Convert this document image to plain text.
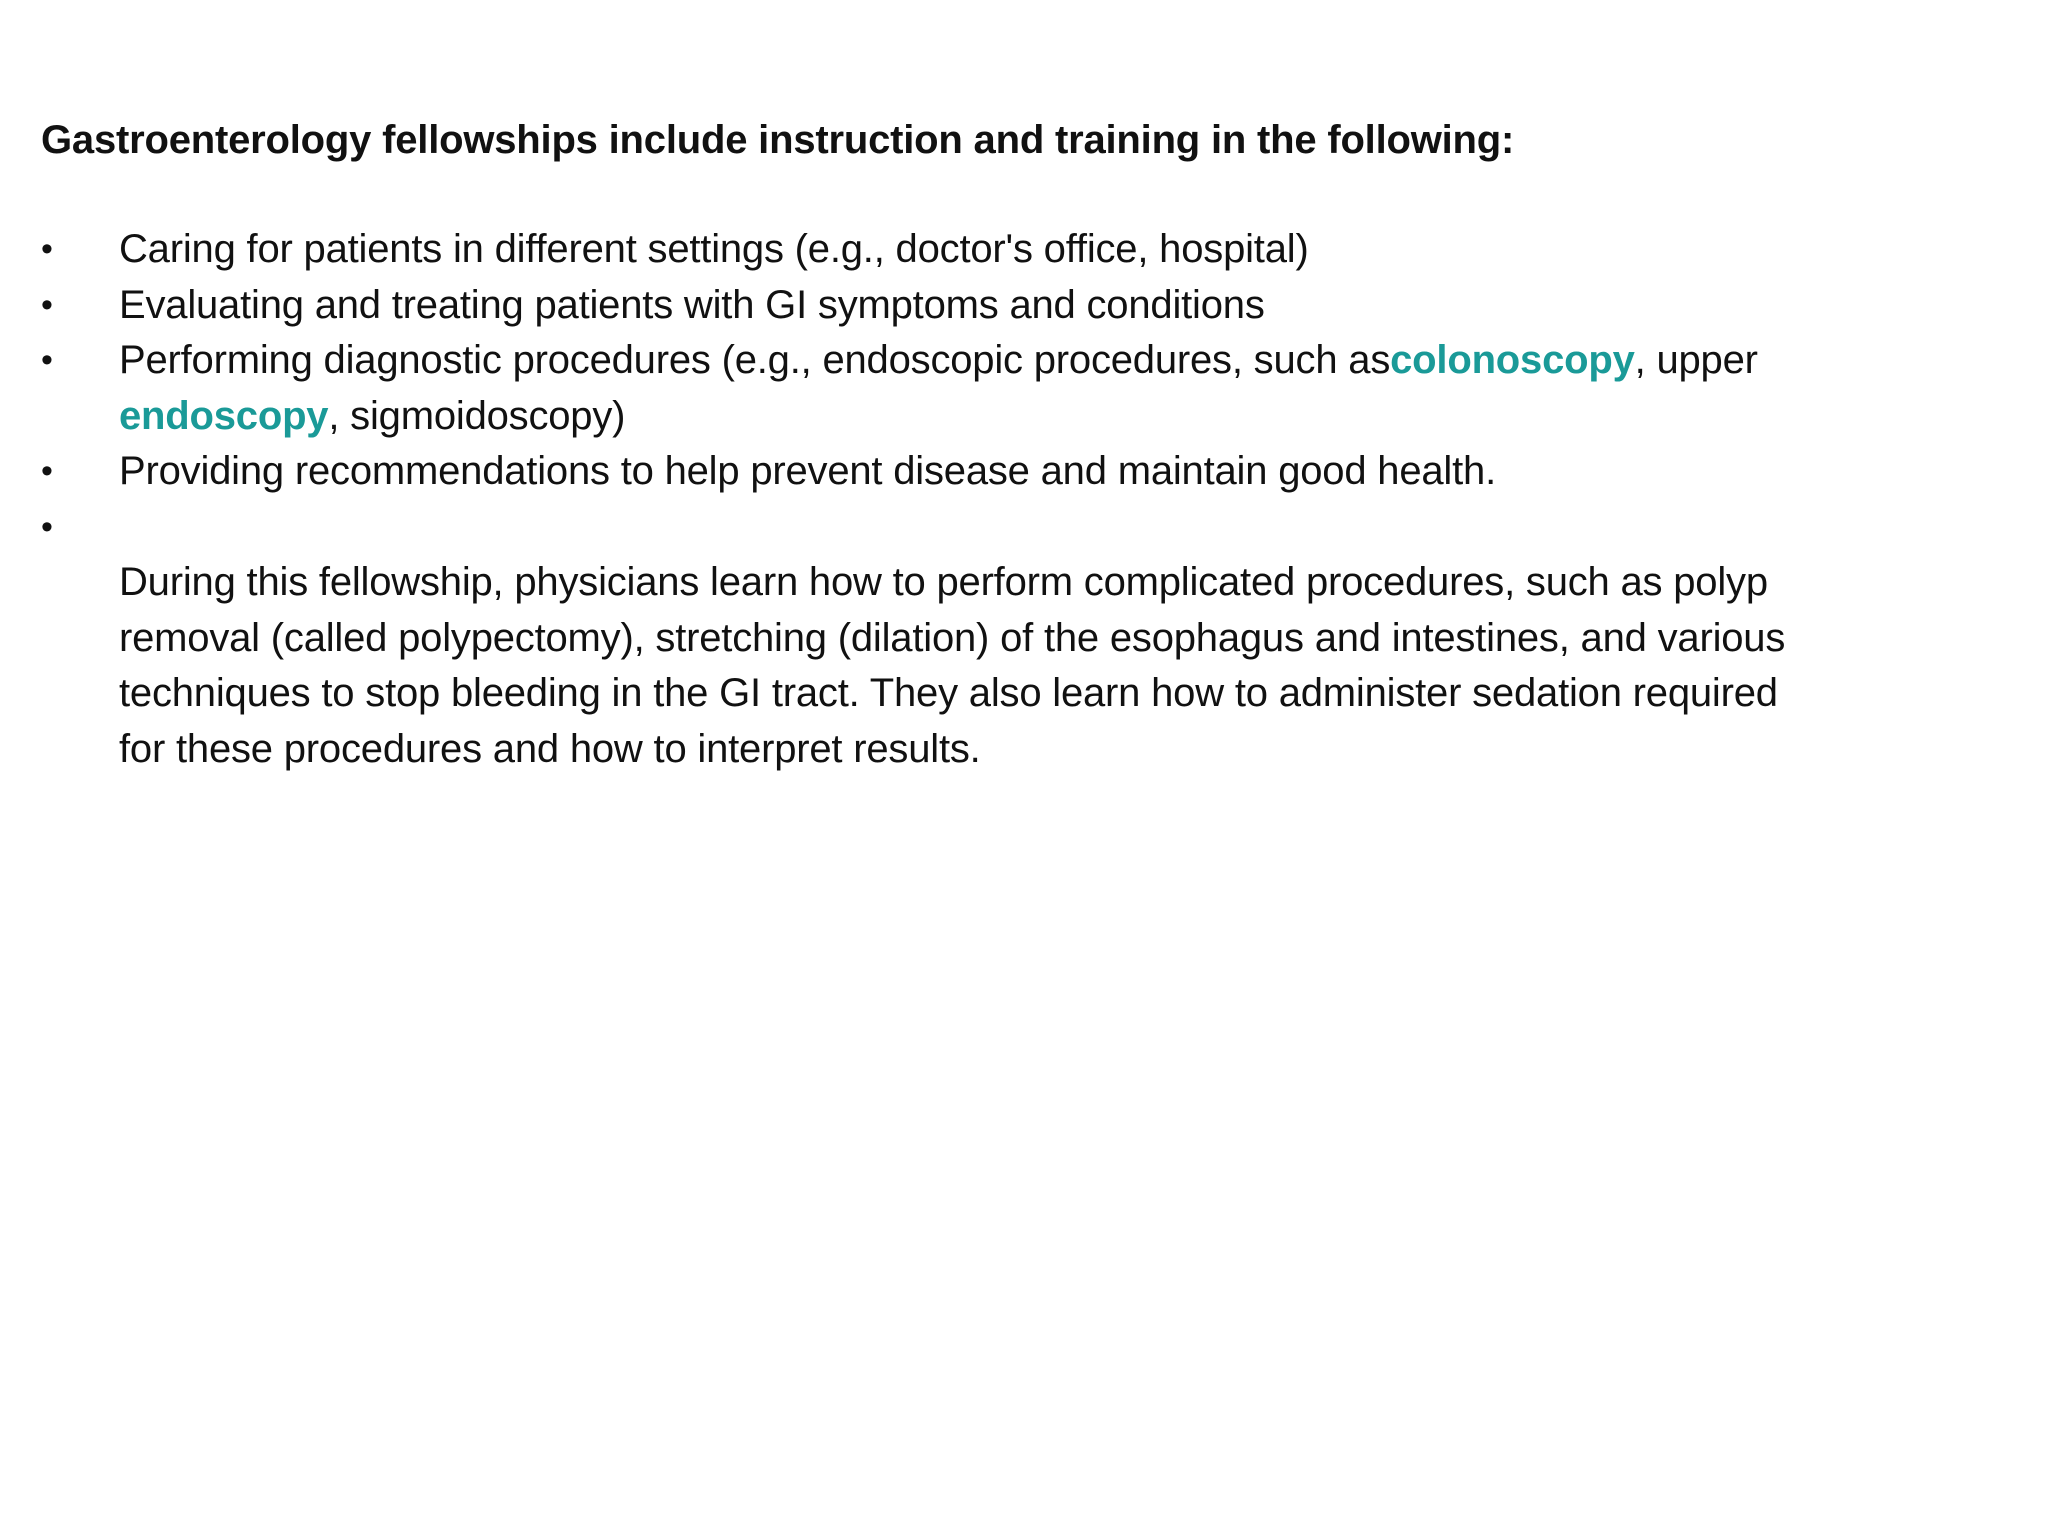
Gastroenterology fellowships include instruction and training in the following:
• Caring for patients in different settings (e.g., doctor's office, hospital)
• Evaluating and treating patients with GI symptoms and conditions
• Performing diagnostic procedures (e.g., endoscopic procedures, such ascolonoscopy, upper
endoscopy, sigmoidoscopy)
• Providing recommendations to help prevent disease and maintain good health.
•

During this fellowship, physicians learn how to perform complicated procedures, such as polyp
removal (called polypectomy), stretching (dilation) of the esophagus and intestines, and various
techniques to stop bleeding in the GI tract. They also learn how to administer sedation required
for these procedures and how to interpret results.
